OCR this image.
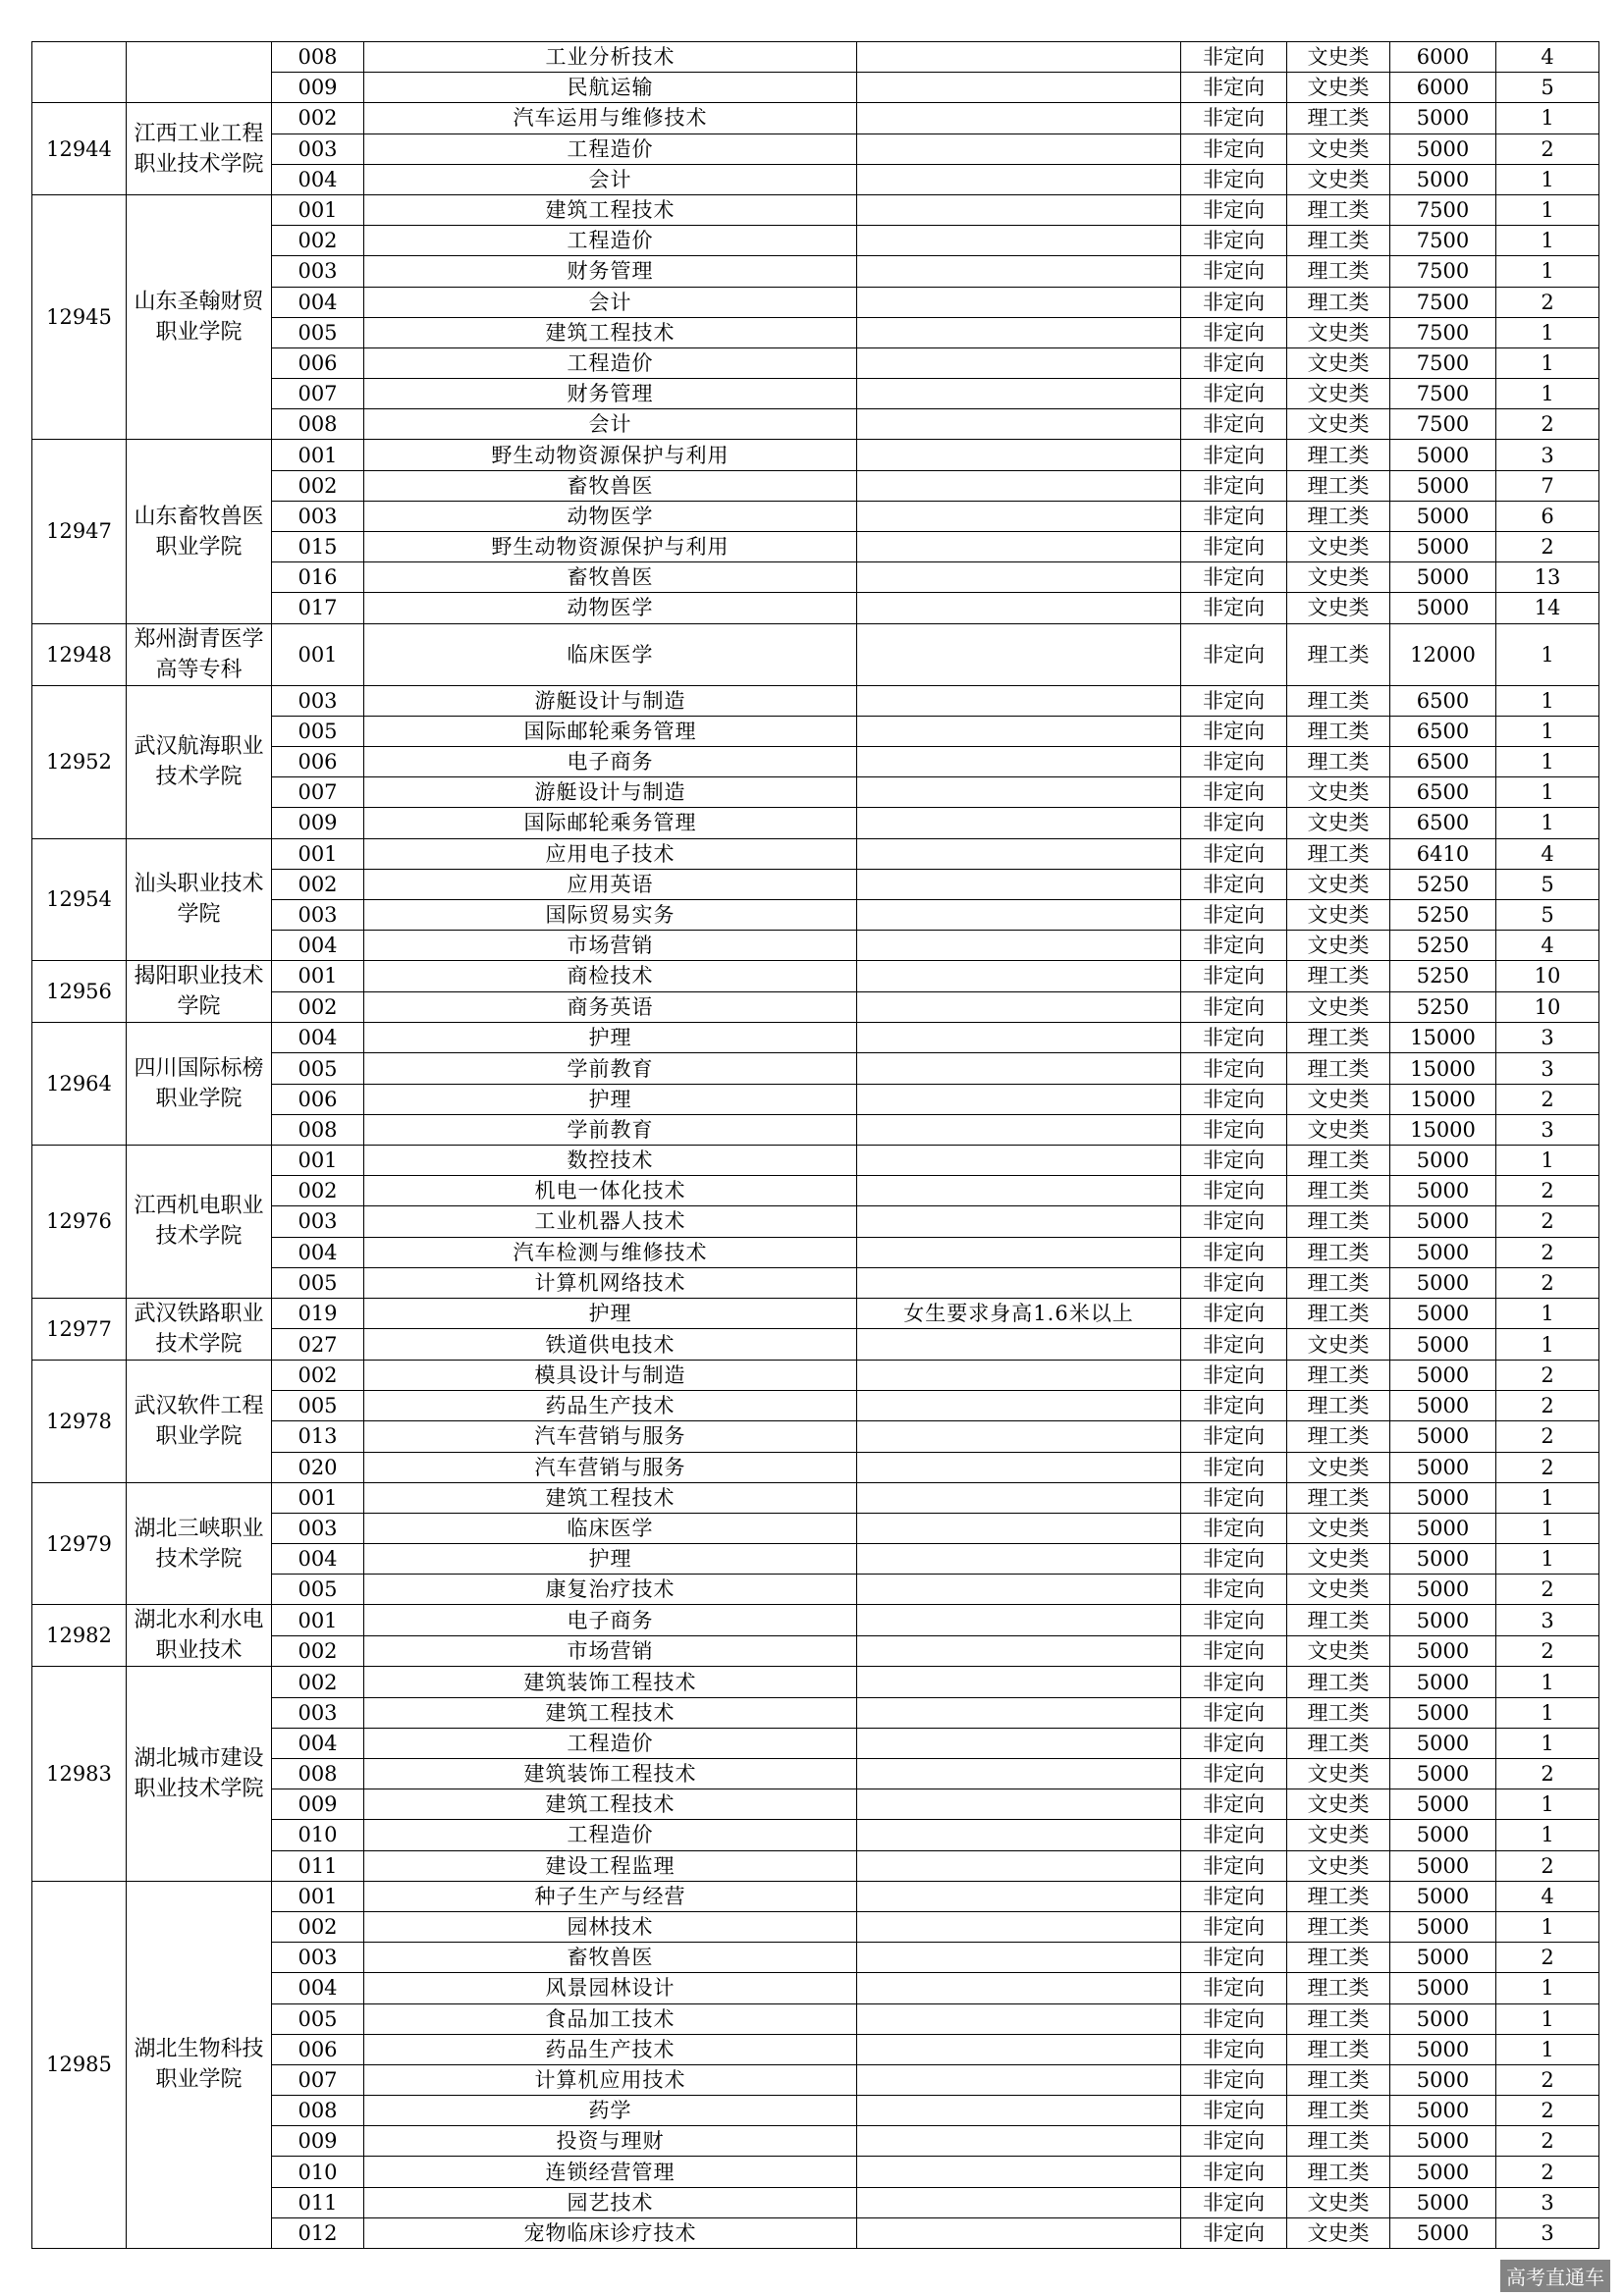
		008	工业分析技术		非定向	文史类	6000	4
		009	民航运输		非定向	文史类	6000	5
12944	江西工业工程职业技术学院	002	汽车运用与维修技术		非定向	理工类	5000	1
		003	工程造价		非定向	文史类	5000	2
		004	会计		非定向	文史类	5000	1
12945	山东圣翰财贸职业学院	001	建筑工程技术		非定向	理工类	7500	1
		002	工程造价		非定向	理工类	7500	1
		003	财务管理		非定向	理工类	7500	1
		004	会计		非定向	理工类	7500	2
		005	建筑工程技术		非定向	文史类	7500	1
		006	工程造价		非定向	文史类	7500	1
		007	财务管理		非定向	文史类	7500	1
		008	会计		非定向	文史类	7500	2
12947	山东畜牧兽医职业学院	001	野生动物资源保护与利用		非定向	理工类	5000	3
		002	畜牧兽医		非定向	理工类	5000	7
		003	动物医学		非定向	理工类	5000	6
		015	野生动物资源保护与利用		非定向	文史类	5000	2
		016	畜牧兽医		非定向	文史类	5000	13
		017	动物医学		非定向	文史类	5000	14
12948	郑州澍青医学高等专科	001	临床医学		非定向	理工类	12000	1
12952	武汉航海职业技术学院	003	游艇设计与制造		非定向	理工类	6500	1
		005	国际邮轮乘务管理		非定向	理工类	6500	1
		006	电子商务		非定向	理工类	6500	1
		007	游艇设计与制造		非定向	文史类	6500	1
		009	国际邮轮乘务管理		非定向	文史类	6500	1
12954	汕头职业技术学院	001	应用电子技术		非定向	理工类	6410	4
		002	应用英语		非定向	文史类	5250	5
		003	国际贸易实务		非定向	文史类	5250	5
		004	市场营销		非定向	文史类	5250	4
12956	揭阳职业技术学院	001	商检技术		非定向	理工类	5250	10
		002	商务英语		非定向	文史类	5250	10
12964	四川国际标榜职业学院	004	护理		非定向	理工类	15000	3
		005	学前教育		非定向	理工类	15000	3
		006	护理		非定向	文史类	15000	2
		008	学前教育		非定向	文史类	15000	3
12976	江西机电职业技术学院	001	数控技术		非定向	理工类	5000	1
		002	机电一体化技术		非定向	理工类	5000	2
		003	工业机器人技术		非定向	理工类	5000	2
		004	汽车检测与维修技术		非定向	理工类	5000	2
		005	计算机网络技术		非定向	理工类	5000	2
12977	武汉铁路职业技术学院	019	护理	女生要求身高1.6米以上	非定向	理工类	5000	1
		027	铁道供电技术		非定向	文史类	5000	1
12978	武汉软件工程职业学院	002	模具设计与制造		非定向	理工类	5000	2
		005	药品生产技术		非定向	理工类	5000	2
		013	汽车营销与服务		非定向	理工类	5000	2
		020	汽车营销与服务		非定向	文史类	5000	2
12979	湖北三峡职业技术学院	001	建筑工程技术		非定向	理工类	5000	1
		003	临床医学		非定向	文史类	5000	1
		004	护理		非定向	文史类	5000	1
		005	康复治疗技术		非定向	文史类	5000	2
12982	湖北水利水电职业技术	001	电子商务		非定向	理工类	5000	3
		002	市场营销		非定向	文史类	5000	2
12983	湖北城市建设职业技术学院	002	建筑装饰工程技术		非定向	理工类	5000	1
		003	建筑工程技术		非定向	理工类	5000	1
		004	工程造价		非定向	理工类	5000	1
		008	建筑装饰工程技术		非定向	文史类	5000	2
		009	建筑工程技术		非定向	文史类	5000	1
		010	工程造价		非定向	文史类	5000	1
		011	建设工程监理		非定向	文史类	5000	2
12985	湖北生物科技职业学院	001	种子生产与经营		非定向	理工类	5000	4
		002	园林技术		非定向	理工类	5000	1
		003	畜牧兽医		非定向	理工类	5000	2
		004	风景园林设计		非定向	理工类	5000	1
		005	食品加工技术		非定向	理工类	5000	1
		006	药品生产技术		非定向	理工类	5000	1
		007	计算机应用技术		非定向	理工类	5000	2
		008	药学		非定向	理工类	5000	2
		009	投资与理财		非定向	理工类	5000	2
		010	连锁经营管理		非定向	理工类	5000	2
		011	园艺技术		非定向	文史类	5000	3
		012	宠物临床诊疗技术		非定向	文史类	5000	3
高考直通车
